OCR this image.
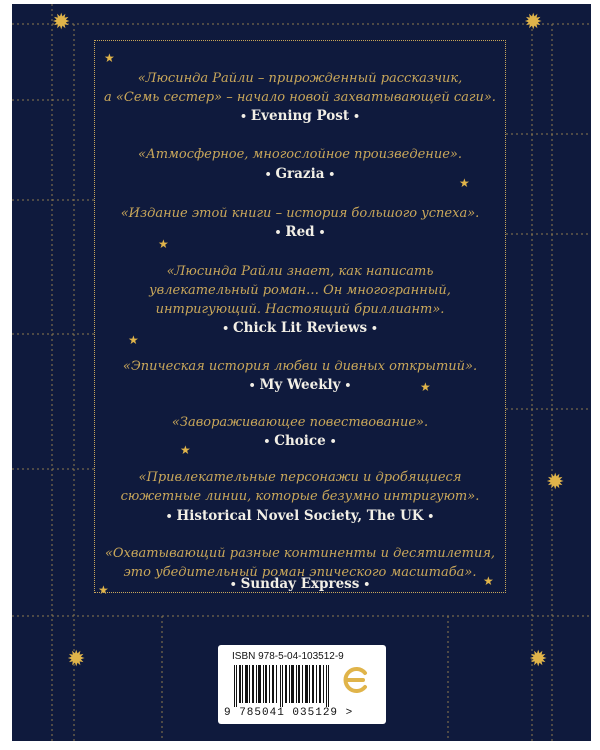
✹	✹
✹
✹	✹
★
★
★
★
★
★
★
★
«Люсинда Райли – прирожденный рассказчик,
а «Семь сестер» – начало новой захватывающей саги».
• Evening Post •
«Атмосферное, многослойное произведение».
• Grazia •
«Издание этой книги – история большого успеха».
• Red •
«Люсинда Райли знает, как написать
увлекательный роман… Он многогранный,
интригующий. Настоящий бриллиант».
• Chick Lit Reviews •
«Эпическая история любви и дивных открытий».
• My Weekly •
«Завораживающее повествование».
• Choice •
«Привлекательные персонажи и дробящиеся
сюжетные линии, которые безумно интригуют».
• Historical Novel Society, The UK •
«Охватывающий разные континенты и десятилетия,
это убедительный роман эпического масштаба».
• Sunday Express •
ISBN 978-5-04-103512-9
9 785041 035129 >
